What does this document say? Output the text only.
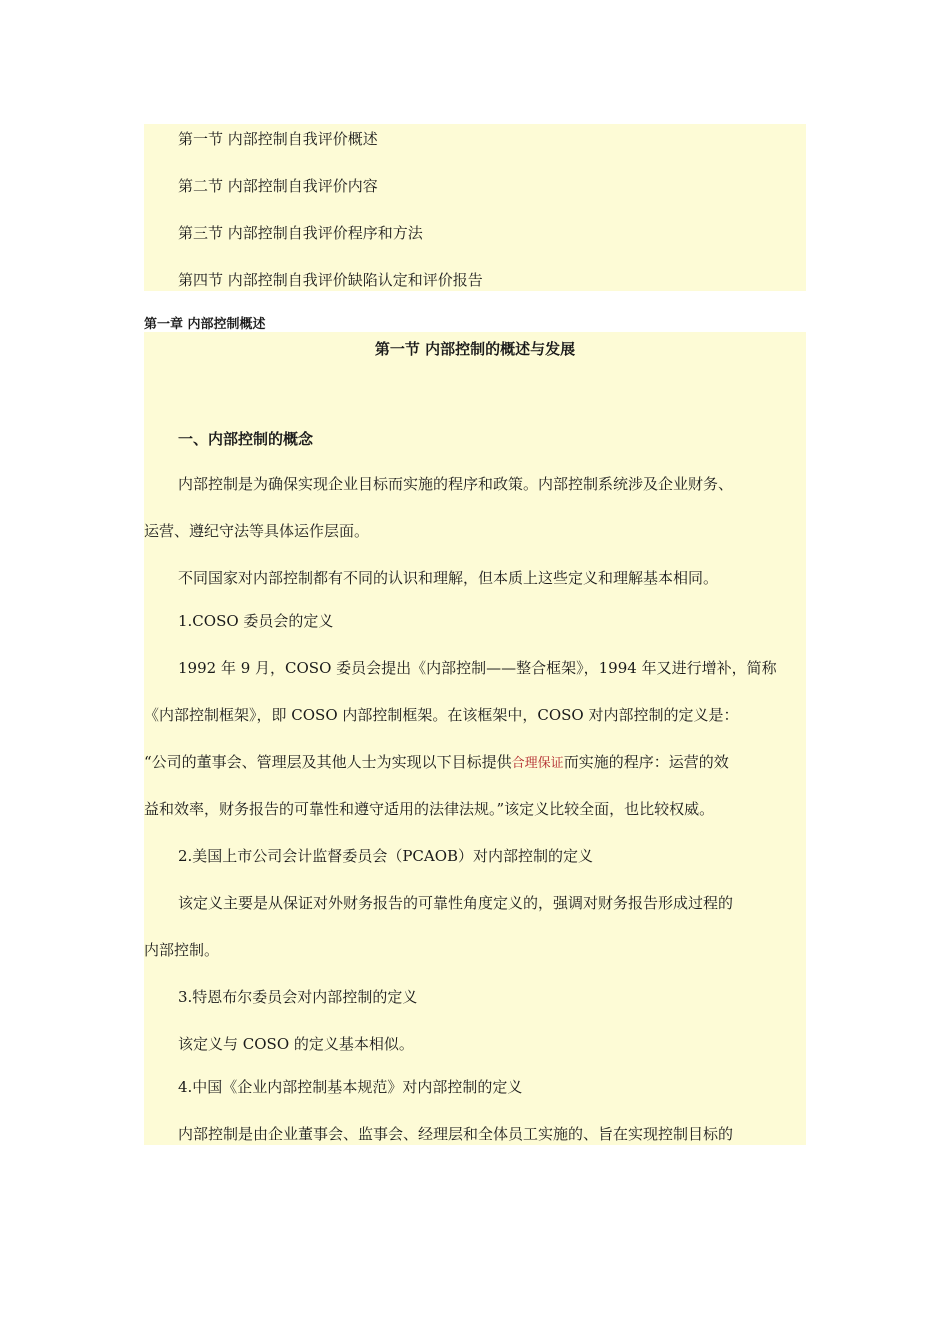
第一节 内部控制自我评价概述
第二节 内部控制自我评价内容
第三节 内部控制自我评价程序和方法
第四节 内部控制自我评价缺陷认定和评价报告
第一章 内部控制概述
第一节 内部控制的概述与发展
一、内部控制的概念
内部控制是为确保实现企业目标而实施的程序和政策。内部控制系统涉及企业财务、
运营、遵纪守法等具体运作层面。
不同国家对内部控制都有不同的认识和理解，但本质上这些定义和理解基本相同。
1.COSO 委员会的定义
1992 年 9 月，COSO 委员会提出《内部控制——整合框架》，1994 年又进行增补，简称
《内部控制框架》，即 COSO 内部控制框架。在该框架中，COSO 对内部控制的定义是：
“公司的董事会、管理层及其他人士为实现以下目标提供合理保证而实施的程序：运营的效
益和效率，财务报告的可靠性和遵守适用的法律法规。”该定义比较全面，也比较权威。
2.美国上市公司会计监督委员会（PCAOB）对内部控制的定义
该定义主要是从保证对外财务报告的可靠性角度定义的，强调对财务报告形成过程的
内部控制。
3.特恩布尔委员会对内部控制的定义
该定义与 COSO 的定义基本相似。
4.中国《企业内部控制基本规范》对内部控制的定义
内部控制是由企业董事会、监事会、经理层和全体员工实施的、旨在实现控制目标的
